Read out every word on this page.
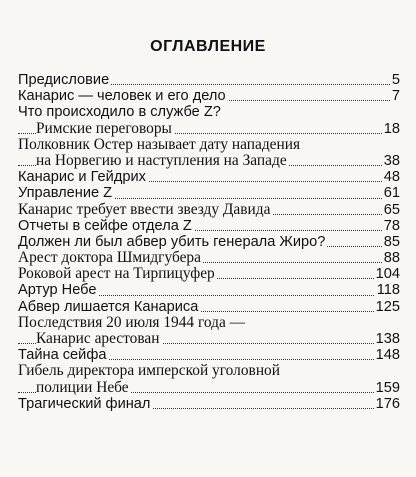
ОГЛАВЛЕНИЕ
Предисловие	5
Канарис — человек и его дело	7
Что происходило в службе Z?
Римские переговоры	18
Полковник Остер называет дату нападения
на Норвегию и наступления на Западе	38
Канарис и Гейдрих	48
Управление Z	61
Канарис требует ввести звезду Давида	65
Отчеты в сейфе отдела Z	78
Должен ли был абвер убить генерала Жиро?	85
Арест доктора Шмидгубера	88
Роковой арест на Тирпицуфер	104
Артур Небе	118
Абвер лишается Канариса	125
Последствия 20 июля 1944 года —
Канарис арестован	138
Тайна сейфа	148
Гибель директора имперской уголовной
полиции Небе	159
Трагический финал	176
